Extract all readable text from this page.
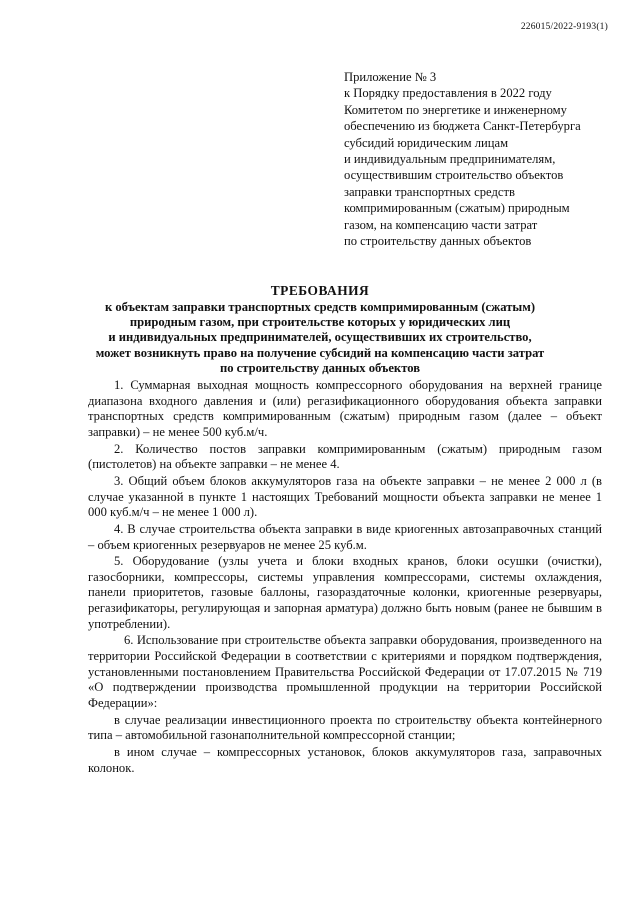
226015/2022-9193(1)
Приложение № 3
к Порядку предоставления в 2022 году
Комитетом по энергетике и инженерному
обеспечению из бюджета Санкт-Петербурга
субсидий юридическим лицам
и индивидуальным предпринимателям,
осуществившим строительство объектов
заправки транспортных средств
компримированным (сжатым) природным
газом, на компенсацию части затрат
по строительству данных объектов
ТРЕБОВАНИЯ
к объектам заправки транспортных средств компримированным (сжатым)
природным газом, при строительстве которых у юридических лиц
и индивидуальных предпринимателей, осуществивших их строительство,
может возникнуть право на получение субсидий на компенсацию части затрат
по строительству данных объектов

1. Суммарная выходная мощность компрессорного оборудования на верхней границе диапазона входного давления и (или) регазификационного оборудования объекта заправки транспортных средств компримированным (сжатым) природным газом (далее – объект заправки) – не менее 500 куб.м/ч.

2. Количество постов заправки компримированным (сжатым) природным газом (пистолетов) на объекте заправки – не менее 4.

3. Общий объем блоков аккумуляторов газа на объекте заправки – не менее 2 000 л (в случае указанной в пункте 1 настоящих Требований мощности объекта заправки не менее 1 000 куб.м/ч – не менее 1 000 л).

4. В случае строительства объекта заправки в виде криогенных автозаправочных станций – объем криогенных резервуаров не менее 25 куб.м.

5. Оборудование (узлы учета и блоки входных кранов, блоки осушки (очистки), газосборники, компрессоры, системы управления компрессорами, системы охлаждения, панели приоритетов, газовые баллоны, газораздаточные колонки, криогенные резервуары, регазификаторы, регулирующая и запорная арматура) должно быть новым (ранее не бывшим в употреблении).

6. Использование при строительстве объекта заправки оборудования, произведенного на территории Российской Федерации в соответствии с критериями и порядком подтверждения, установленными постановлением Правительства Российской Федерации от 17.07.2015 № 719 «О подтверждении производства промышленной продукции на территории Российской Федерации»:

в случае реализации инвестиционного проекта по строительству объекта контейнерного типа – автомобильной газонаполнительной компрессорной станции;

в ином случае – компрессорных установок, блоков аккумуляторов газа, заправочных колонок.
